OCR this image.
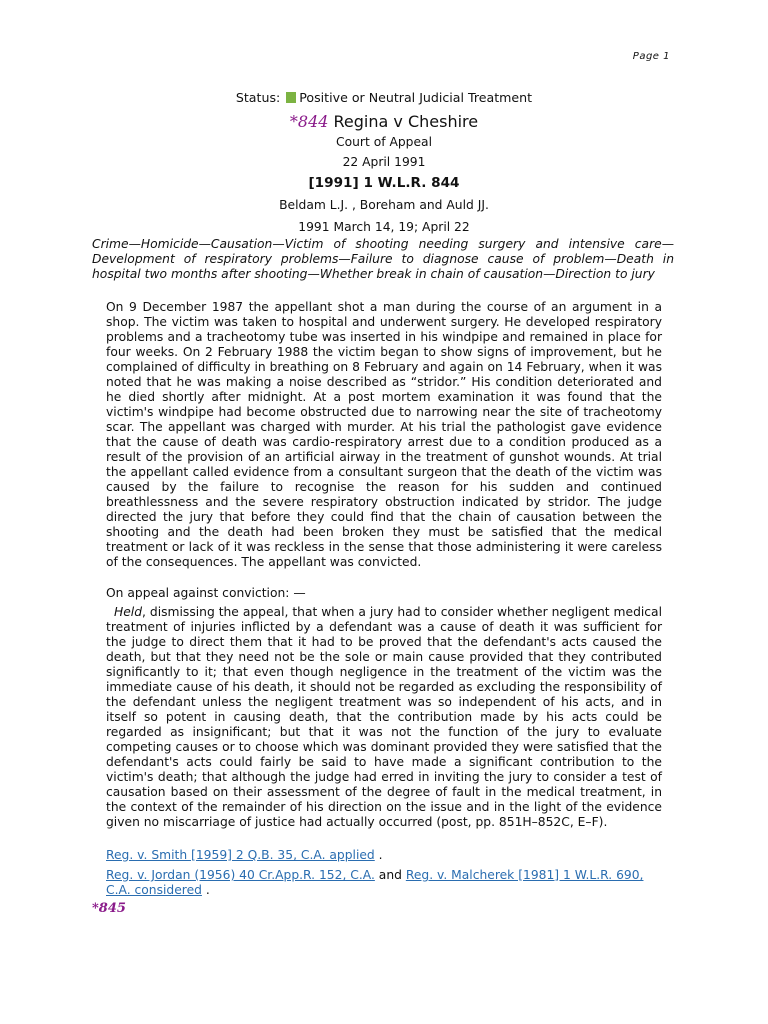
Page 1
Status: Positive or Neutral Judicial Treatment
*844 Regina v Cheshire
Court of Appeal
22 April 1991
[1991] 1 W.L.R. 844
Beldam L.J. , Boreham and Auld JJ.
1991 March 14, 19; April 22
Crime—Homicide—Causation—Victim of shooting needing surgery and intensive care—Development of respiratory problems—Failure to diagnose cause of problem—Death in hospital two months after shooting—Whether break in chain of causation—Direction to jury
On 9 December 1987 the appellant shot a man during the course of an argument in a shop. The victim was taken to hospital and underwent surgery. He developed respiratory problems and a tracheotomy tube was inserted in his windpipe and remained in place for four weeks. On 2 February 1988 the victim began to show signs of improvement, but he complained of difficulty in breathing on 8 February and again on 14 February, when it was noted that he was making a noise described as “stridor.” His condition deteriorated and he died shortly after midnight. At a post mortem examination it was found that the victim's windpipe had become obstructed due to narrowing near the site of tracheotomy scar. The appellant was charged with murder. At his trial the pathologist gave evidence that the cause of death was cardio-respiratory arrest due to a condition produced as a result of the provision of an artificial airway in the treatment of gunshot wounds. At trial the appellant called evidence from a consultant surgeon that the death of the victim was caused by the failure to recognise the reason for his sudden and continued breathlessness and the severe respiratory obstruction indicated by stridor. The judge directed the jury that before they could find that the chain of causation between the shooting and the death had been broken they must be satisfied that the medical treatment or lack of it was reckless in the sense that those administering it were careless of the consequences. The appellant was convicted.
On appeal against conviction: —
Held, dismissing the appeal, that when a jury had to consider whether negligent medical treatment of injuries inflicted by a defendant was a cause of death it was sufficient for the judge to direct them that it had to be proved that the defendant's acts caused the death, but that they need not be the sole or main cause provided that they contributed significantly to it; that even though negligence in the treatment of the victim was the immediate cause of his death, it should not be regarded as excluding the responsibility of the defendant unless the negligent treatment was so independent of his acts, and in itself so potent in causing death, that the contribution made by his acts could be regarded as insignificant; but that it was not the function of the jury to evaluate competing causes or to choose which was dominant provided they were satisfied that the defendant's acts could fairly be said to have made a significant contribution to the victim's death; that although the judge had erred in inviting the jury to consider a test of causation based on their assessment of the degree of fault in the medical treatment, in the context of the remainder of his direction on the issue and in the light of the evidence given no miscarriage of justice had actually occurred (post, pp. 851H–852C, E–F).
Reg. v. Smith [1959] 2 Q.B. 35, C.A. applied .
Reg. v. Jordan (1956) 40 Cr.App.R. 152, C.A. and Reg. v. Malcherek [1981] 1 W.L.R. 690, C.A. considered .
*845
